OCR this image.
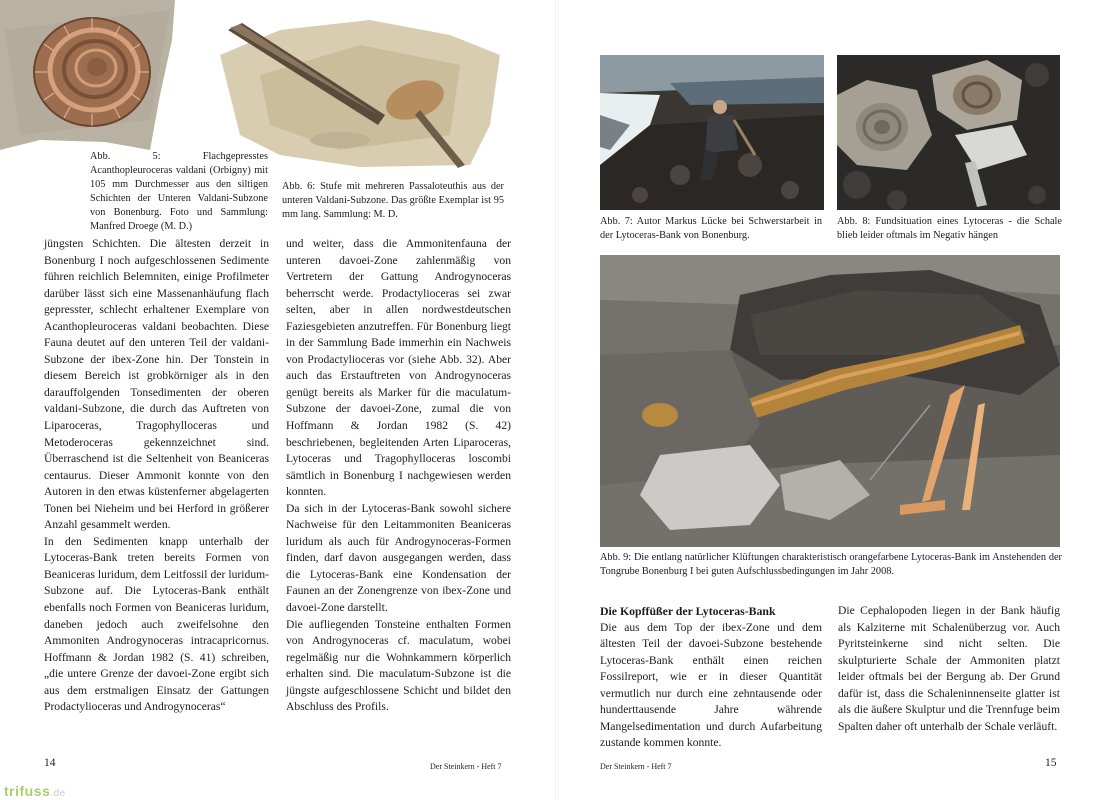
Abb. 5: Flachgepresstes Acanthopleuroceras valdani (Orbigny) mit 105 mm Durchmesser aus den siltigen Schichten der Unteren Valdani-Subzone von Bonenburg. Foto und Sammlung: Manfred Droege (M. D.)
Abb. 6: Stufe mit mehreren Passaloteuthis aus der unteren Valdani-Subzone. Das größte Exemplar ist 95 mm lang. Sammlung: M. D.

jüngsten Schichten. Die ältesten derzeit in Bonenburg I noch aufgeschlossenen Sedimente führen reichlich Belemniten, einige Profilmeter darüber lässt sich eine Massenanhäufung flach gepresster, schlecht erhaltener Exemplare von Acanthopleuroceras valdani beobachten. Diese Fauna deutet auf den unteren Teil der valdani-Subzone der ibex-Zone hin. Der Tonstein in diesem Bereich ist grobkörniger als in den darauffolgenden Tonsedimenten der oberen valdani-Subzone, die durch das Auftreten von Liparoceras, Tragophylloceras und Metoderoceras gekennzeichnet sind. Überraschend ist die Seltenheit von Beaniceras centaurus. Dieser Ammonit konnte von den Autoren in den etwas küstenferner abgelagerten Tonen bei Nieheim und bei Herford in größerer Anzahl gesammelt werden.

In den Sedimenten knapp unterhalb der Lytoceras-Bank treten bereits Formen von Beaniceras luridum, dem Leitfossil der luridum-Subzone auf. Die Lytoceras-Bank enthält ebenfalls noch Formen von Beaniceras luridum, daneben jedoch auch zweifelsohne den Ammoniten Androgynoceras intracapricornus. Hoffmann & Jordan 1982 (S. 41) schreiben, „die untere Grenze der davoei-Zone ergibt sich aus dem erstmaligen Einsatz der Gattungen Prodactylioceras und Androgynoceras“

und weiter, dass die Ammonitenfauna der unteren davoei-Zone zahlenmäßig von Vertretern der Gattung Androgynoceras beherrscht werde. Prodactylioceras sei zwar selten, aber in allen nordwestdeutschen Faziesgebieten anzutreffen. Für Bonenburg liegt in der Sammlung Bade immerhin ein Nachweis von Prodactylioceras vor (siehe Abb. 32). Aber auch das Erstauftreten von Androgynoceras genügt bereits als Marker für die maculatum-Subzone der davoei-Zone, zumal die von Hoffmann & Jordan 1982 (S. 42) beschriebenen, begleitenden Arten Liparoceras, Lytoceras und Tragophylloceras loscombi sämtlich in Bonenburg I nachgewiesen werden konnten.

Da sich in der Lytoceras-Bank sowohl sichere Nachweise für den Leitammoniten Beaniceras luridum als auch für Androgynoceras-Formen finden, darf davon ausgegangen werden, dass die Lytoceras-Bank eine Kondensation der Faunen an der Zonengrenze von ibex-Zone und davoei-Zone darstellt.

Die aufliegenden Tonsteine enthalten Formen von Androgynoceras cf. maculatum, wobei regelmäßig nur die Wohnkammern körperlich erhalten sind. Die maculatum-Subzone ist die jüngste aufgeschlossene Schicht und bildet den Abschluss des Profils.

14	Der Steinkern - Heft 7
Abb. 7: Autor Markus Lücke bei Schwerstarbeit in der Lytoceras-Bank von Bonenburg.
Abb. 8: Fundsituation eines Lytoceras - die Schale blieb leider oftmals im Negativ hängen
Abb. 9: Die entlang natürlicher Klüftungen charakteristisch orangefarbene Lytoceras-Bank im Anstehenden der Tongrube Bonenburg I bei guten Aufschlussbedingungen im Jahr 2008.
Die Kopffüßer der Lytoceras-Bank

Die aus dem Top der ibex-Zone und dem ältesten Teil der davoei-Subzone bestehende Lytoceras-Bank enthält einen reichen Fossilreport, wie er in dieser Quantität vermutlich nur durch eine zehntausende oder hunderttausende Jahre währende Mangelsedimentation und durch Aufarbeitung zustande kommen konnte.

Die Cephalopoden liegen in der Bank häufig als Kalziterne mit Schalenüberzug vor. Auch Pyritsteinkerne sind nicht selten. Die skulpturierte Schale der Ammoniten platzt leider oftmals bei der Bergung ab. Der Grund dafür ist, dass die Schaleninnenseite glatter ist als die äußere Skulptur und die Trennfuge beim Spalten daher oft unterhalb der Schale verläuft.

Der Steinkern - Heft 7	15
trifuss.de
